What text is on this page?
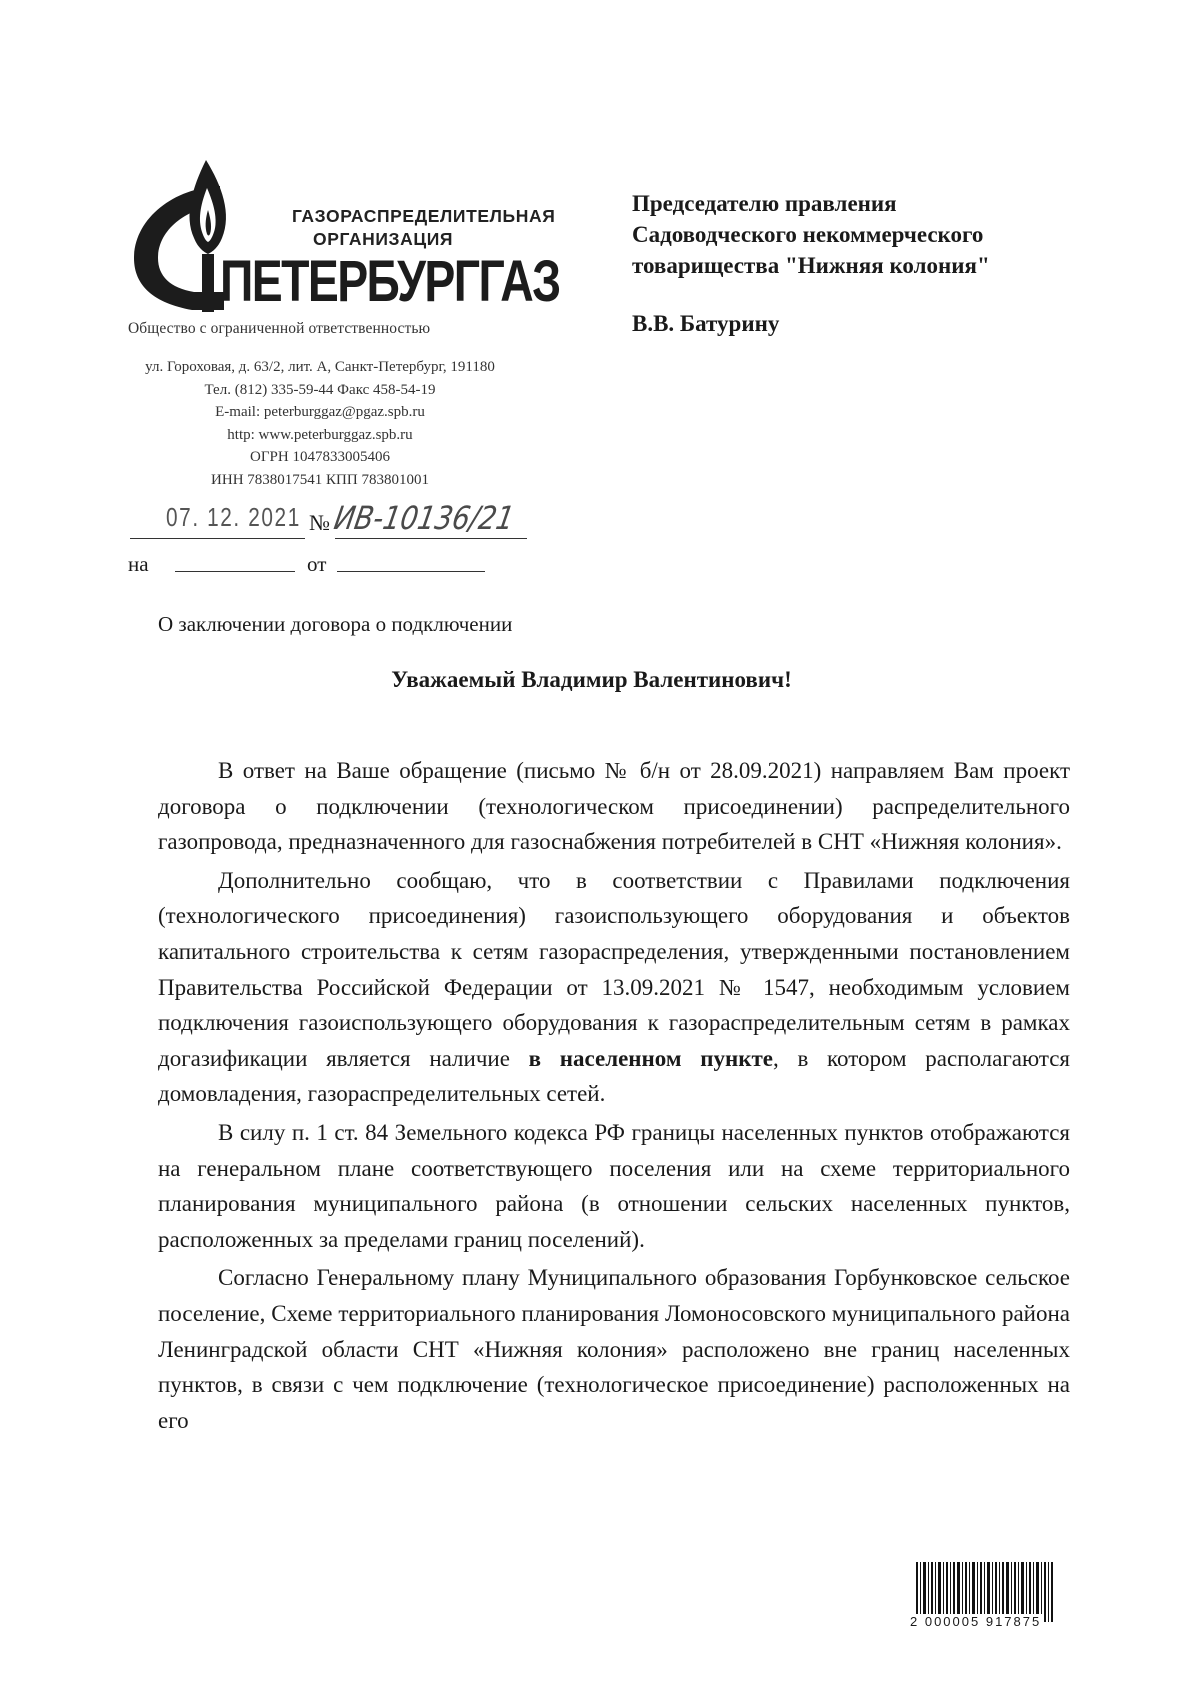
ГАЗОРАСПРЕДЕЛИТЕЛЬНАЯ
ОРГАНИЗАЦИЯ
ПЕТЕРБУРГГАЗ
Общество с ограниченной ответственностью
ул. Гороховая, д. 63/2, лит. А, Санкт-Петербург, 191180
Тел. (812) 335-59-44 Факс 458-54-19
E-mail: peterburggaz@pgaz.spb.ru
http: www.peterburggaz.spb.ru
ОГРН 1047833005406
ИНН 7838017541 КПП 783801001
Председателю правления
Садоводческого некоммерческого
товарищества "Нижняя колония"
В.В. Батурину
07. 12. 2021 № ИВ-10136/21
на	от
О заключении договора о подключении
Уважаемый Владимир Валентинович!

В ответ на Ваше обращение (письмо № б/н от 28.09.2021) направляем Вам проект договора о подключении (технологическом присоединении) распределительного газопровода, предназначенного для газоснабжения потребителей в СНТ «Нижняя колония».

Дополнительно сообщаю, что в соответствии с Правилами подключения (технологического присоединения) газоиспользующего оборудования и объектов капитального строительства к сетям газораспределения, утвержденными постановлением Правительства Российской Федерации от 13.09.2021 № 1547, необходимым условием подключения газоиспользующего оборудования к газораспределительным сетям в рамках догазификации является наличие в населенном пункте, в котором располагаются домовладения, газораспределительных сетей.

В силу п. 1 ст. 84 Земельного кодекса РФ границы населенных пунктов отображаются на генеральном плане соответствующего поселения или на схеме территориального планирования муниципального района (в отношении сельских населенных пунктов, расположенных за пределами границ поселений).

Согласно Генеральному плану Муниципального образования Горбунковское сельское поселение, Схеме территориального планирования Ломоносовского муниципального района Ленинградской области СНТ «Нижняя колония» расположено вне границ населенных пунктов, в связи с чем подключение (технологическое присоединение) расположенных на его

2 000005 917875
